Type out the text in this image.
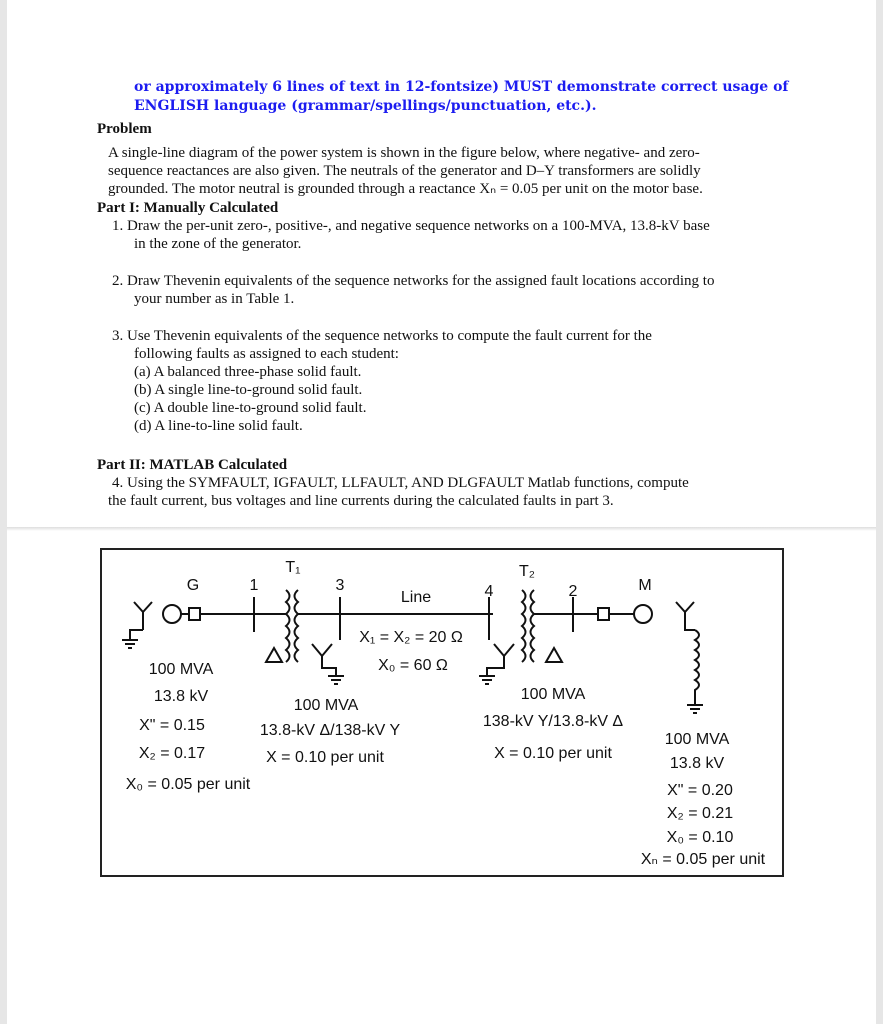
or approximately 6 lines of text in 12-fontsize) MUST demonstrate correct usage of
ENGLISH language (grammar/spellings/punctuation, etc.).
Problem
A single-line diagram of the power system is shown in the figure below, where negative- and zero-
sequence reactances are also given. The neutrals of the generator and D–Y transformers are solidly
grounded. The motor neutral is grounded through a reactance Xₙ = 0.05 per unit on the motor base.
Part I: Manually Calculated
1. Draw the per-unit zero-, positive-, and negative sequence networks on a 100-MVA, 13.8-kV base
in the zone of the generator.
2. Draw Thevenin equivalents of the sequence networks for the assigned fault locations according to
your number as in Table 1.
3. Use Thevenin equivalents of the sequence networks to compute the fault current for the
following faults as assigned to each student:
(a) A balanced three-phase solid fault.
(b) A single line-to-ground solid fault.
(c) A double line-to-ground solid fault.
(d) A line-to-line solid fault.
Part II: MATLAB Calculated
4. Using the SYMFAULT, IGFAULT, LLFAULT, AND DLGFAULT Matlab functions, compute
the fault current, bus voltages and line currents during the calculated faults in part 3.
G	1
T₁
3
Line	4
T₂
2	M
X₁ = X₂ = 20 Ω
X₀ = 60 Ω
100 MVA
13.8 kV
X" = 0.15
X₂ = 0.17
X₀ = 0.05 per unit
100 MVA
13.8-kV Δ/138-kV Y
X = 0.10 per unit
100 MVA
138-kV Y/13.8-kV Δ
X = 0.10 per unit
100 MVA
13.8 kV
X" = 0.20
X₂ = 0.21
X₀ = 0.10
Xₙ = 0.05 per unit
